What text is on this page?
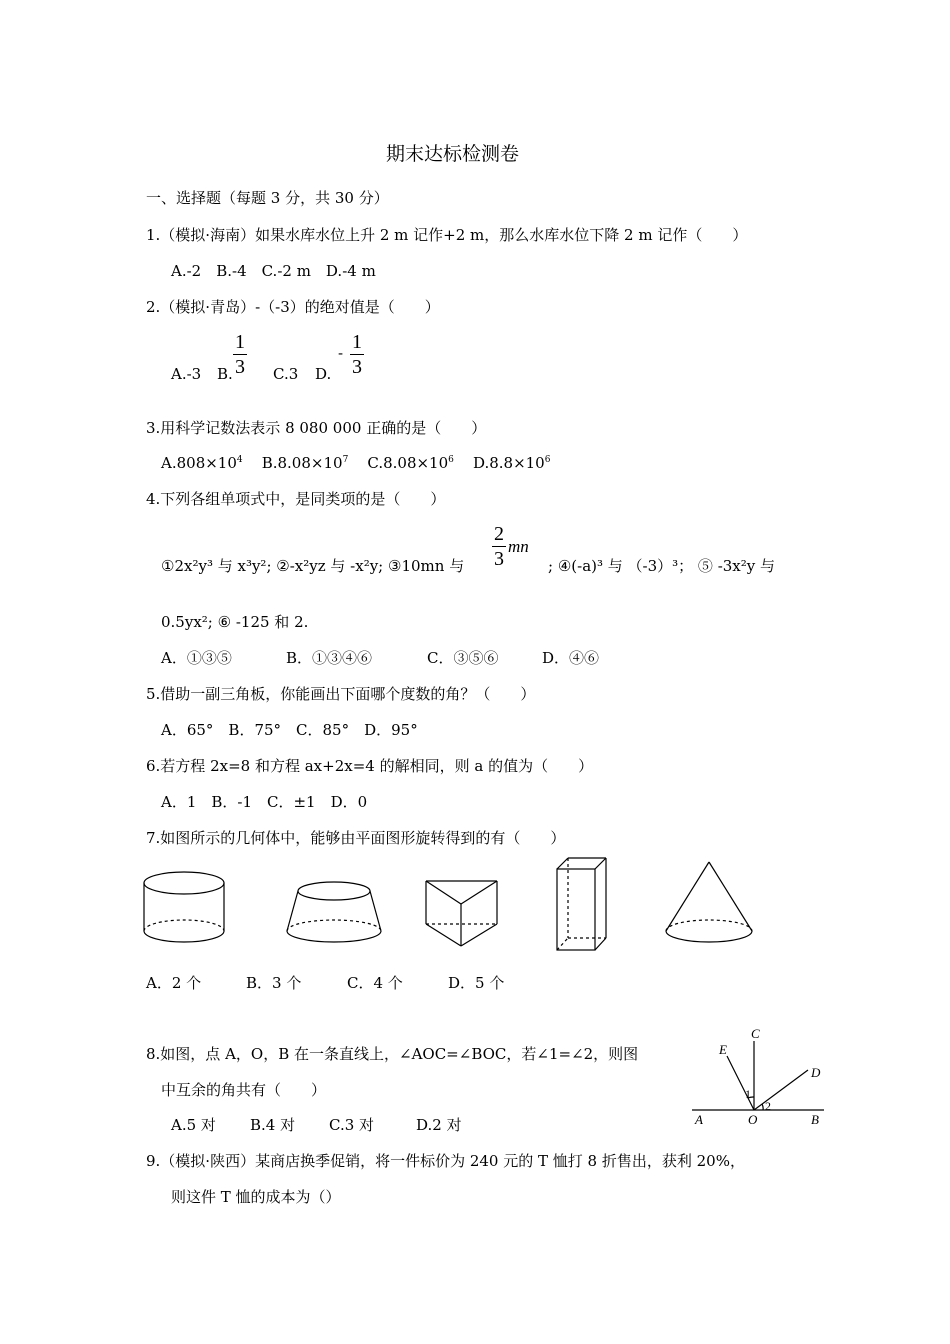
期末达标检测卷
一、选择题（每题 3 分，共 30 分）
1.（模拟·海南）如果水库水位上升 2 m 记作+2 m，那么水库水位下降 2 m 记作（　　）
A.-2　B.-4　C.-2 m　D.-4 m
2.（模拟·青岛）-（-3）的绝对值是（　　）
A.-3 B.
1
3 C.3 D.
- 1
3
3.用科学记数法表示 8 080 000 正确的是（　　）
$A.808\times 10^4$ $B.8.08\times 10^7$ $C.8.08\times 10^6$ $D.8.8\times 10^6$
4.下列各组单项式中，是同类项的是（　　）
①2x²y³ 与 x³y²; ②-x²yz 与 -x²y; ③10mn 与
2
3
mn
; ④(-a)³ 与 （-3）³； ⑤ -3x²y 与
0.5yx²; ⑥ -125 和 2.
A．①③⑤	B．①③④⑥	C．③⑤⑥	D．④⑥
5.借助一副三角板，你能画出下面哪个度数的角？（　　）
A．65°　B．75°　C．85°　D．95°
6.若方程 2x=8 和方程 ax+2x=4 的解相同，则 a 的值为（　　）
A．1　B．-1　C．±1　D．0
7.如图所示的几何体中，能够由平面图形旋转得到的有（　　）
A．2 个	B．3 个	C．4 个	D．5 个
8.如图，点 A，O，B 在一条直线上，∠AOC=∠BOC，若∠1=∠2，则图
中互余的角共有（　　）
A.5 对 B.4 对 C.3 对	D.2 对	A	O	B
C
D
E
1
2
9.（模拟·陕西）某商店换季促销，将一件标价为 240 元的 T 恤打 8 折售出，获利 20%，
则这件 T 恤的成本为（）
